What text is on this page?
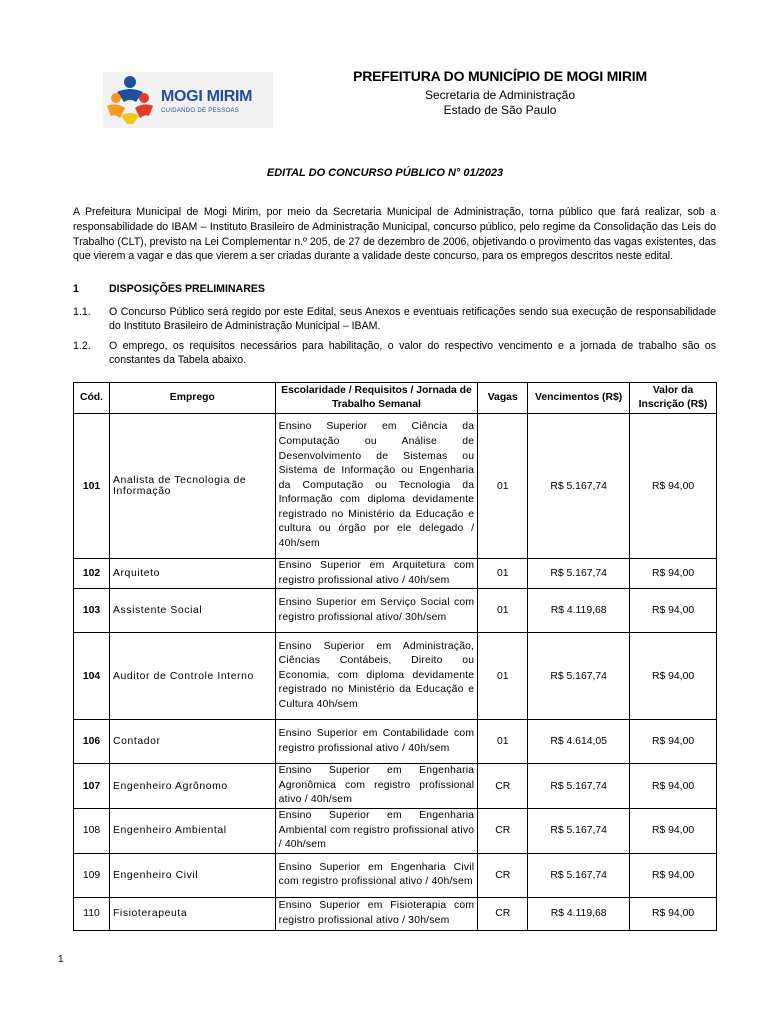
MOGI MIRIM
CUIDANDO DE PESSOAS
PREFEITURA DO MUNICÍPIO DE MOGI MIRIM
Secretaria de Administração
Estado de São Paulo
EDITAL DO CONCURSO PÚBLICO N° 01/2023
A Prefeitura Municipal de Mogi Mirim, por meio da Secretaria Municipal de Administração, torna público que fará realizar, sob a responsabilidade do IBAM – Instituto Brasileiro de Administração Municipal, concurso público, pelo regime da Consolidação das Leis do Trabalho (CLT), previsto na Lei Complementar n.º 205, de 27 de dezembro de 2006, objetivando o provimento das vagas existentes, das que vierem a vagar e das que vierem a ser criadas durante a validade deste concurso, para os empregos descritos neste edital.
1	DISPOSIÇÕES PRELIMINARES
1.1. O Concurso Público será regido por este Edital, seus Anexos e eventuais retificações sendo sua execução de responsabilidade do Instituto Brasileiro de Administração Municipal – IBAM.
1.2. O emprego, os requisitos necessários para habilitação, o valor do respectivo vencimento e a jornada de trabalho são os constantes da Tabela abaixo.
Cód.	Emprego	Escolaridade / Requisitos / Jornada de Trabalho Semanal	Vagas	Vencimentos (R$)	Valor da Inscrição (R$)
101	Analista de Tecnologia de Informação	Ensino Superior em Ciência da Computação ou Análise de Desenvolvimento de Sistemas ou Sistema de Informação ou Engenharia da Computação ou Tecnologia da Informação com diploma devidamente registrado no Ministério da Educação e cultura ou órgão por ele delegado / 40h/sem	01	R$ 5.167,74	R$ 94,00
102	Arquiteto	Ensino Superior em Arquitetura com registro profissional ativo / 40h/sem	01	R$ 5.167,74	R$ 94,00
103	Assistente Social	Ensino Superior em Serviço Social com registro profissional ativo/ 30h/sem	01	R$ 4.119,68	R$ 94,00
104	Auditor de Controle Interno	Ensino Superior em Administração, Ciências Contábeis, Direito ou Economia, com diploma devidamente registrado no Ministério da Educação e Cultura 40h/sem	01	R$ 5.167,74	R$ 94,00
106	Contador	Ensino Superior em Contabilidade com registro profissional ativo / 40h/sem	01	R$ 4.614,05	R$ 94,00
107	Engenheiro Agrônomo	Ensino Superior em Engenharia Agronômica com registro profissional ativo / 40h/sem	CR	R$ 5.167,74	R$ 94,00
108	Engenheiro Ambiental	Ensino Superior em Engenharia Ambiental com registro profissional ativo / 40h/sem	CR	R$ 5.167,74	R$ 94,00
109	Engenheiro Civil	Ensino Superior em Engenharia Civil com registro profissional ativo / 40h/sem	CR	R$ 5.167,74	R$ 94,00
110	Fisioterapeuta	Ensino Superior em Fisioterapia com registro profissional ativo / 30h/sem	CR	R$ 4.119,68	R$ 94,00
1
